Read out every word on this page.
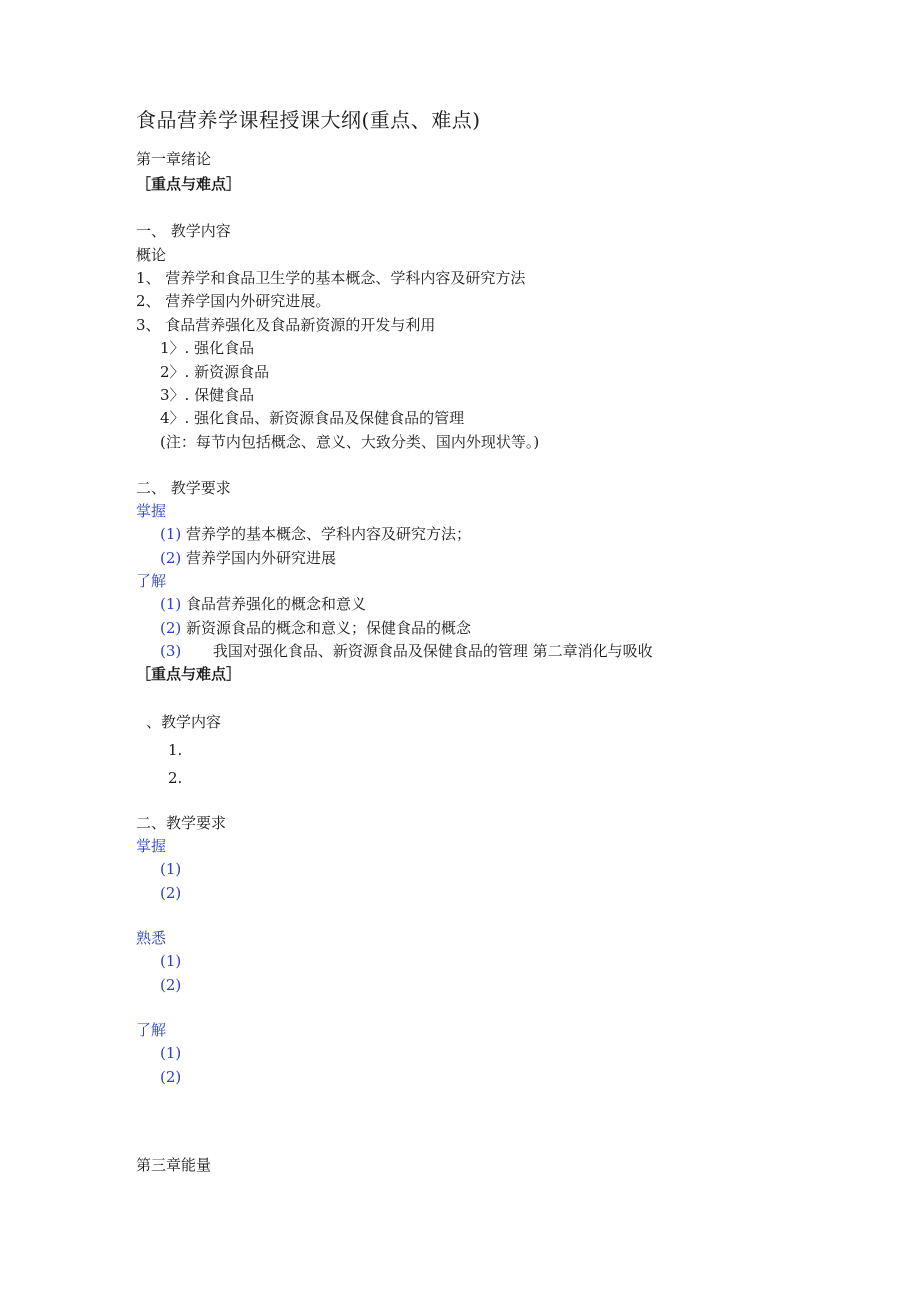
食品营养学课程授课大纲(重点、难点)
第一章绪论
［重点与难点］
一、 教学内容
概论
1、 营养学和食品卫生学的基本概念、学科内容及研究方法
2、 营养学国内外研究进展。
3、 食品营养强化及食品新资源的开发与利用
1〉. 强化食品
2〉. 新资源食品
3〉. 保健食品
4〉. 强化食品、新资源食品及保健食品的管理
(注：每节内包括概念、意义、大致分类、国内外现状等。)
二、 教学要求
掌握
(1) 营养学的基本概念、学科内容及研究方法；
(2) 营养学国内外研究进展
了解
(1) 食品营养强化的概念和意义
(2) 新资源食品的概念和意义；保健食品的概念
(3) 我国对强化食品、新资源食品及保健食品的管理 第二章消化与吸收
［重点与难点］
、教学内容
1.
2.
二、教学要求
掌握
(1)
(2)
熟悉
(1)
(2)
了解
(1)
(2)
第三章能量
